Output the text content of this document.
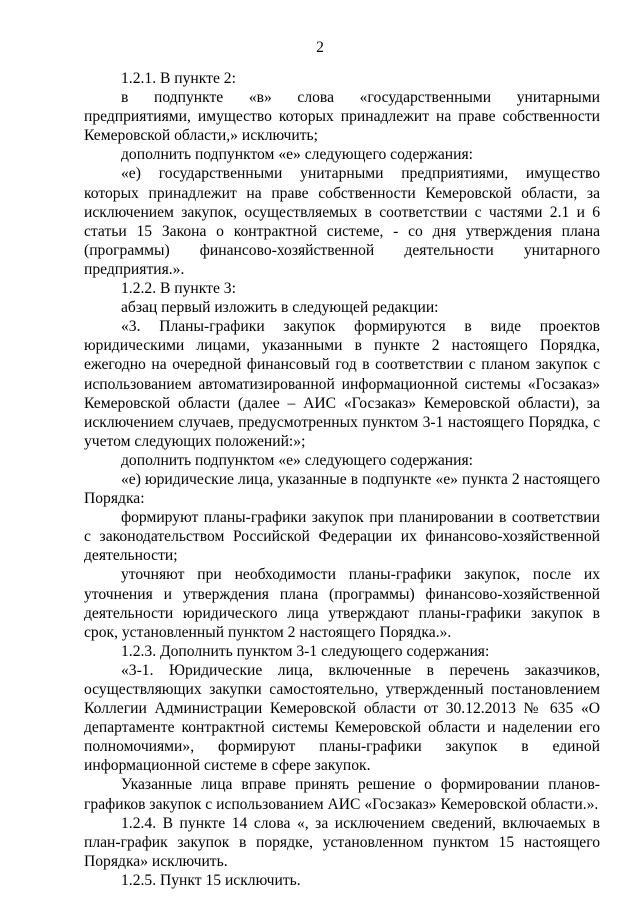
2

1.2.1. В пункте 2:

в подпункте «в» слова «государственными унитарными предприятиями, имущество которых принадлежит на праве собственности Кемеровской области,» исключить;

дополнить подпунктом «е» следующего содержания:

«е) государственными унитарными предприятиями, имущество которых принадлежит на праве собственности Кемеровской области, за исключением закупок, осуществляемых в соответствии с частями 2.1 и 6 статьи 15 Закона о контрактной системе, - со дня утверждения плана (программы) финансово-хозяйственной деятельности унитарного предприятия.».

1.2.2. В пункте 3:

абзац первый изложить в следующей редакции:

«3. Планы-графики закупок формируются в виде проектов юридическими лицами, указанными в пункте 2 настоящего Порядка, ежегодно на очередной финансовый год в соответствии с планом закупок с использованием автоматизированной информационной системы «Госзаказ» Кемеровской области (далее – АИС «Госзаказ» Кемеровской области), за исключением случаев, предусмотренных пунктом 3-1 настоящего Порядка, с учетом следующих положений:»;

дополнить подпунктом «е» следующего содержания:

«е) юридические лица, указанные в подпункте «е» пункта 2 настоящего Порядка:

формируют планы-графики закупок при планировании в соответствии с законодательством Российской Федерации их финансово-хозяйственной деятельности;

уточняют при необходимости планы-графики закупок, после их уточнения и утверждения плана (программы) финансово-хозяйственной деятельности юридического лица утверждают планы-графики закупок в срок, установленный пунктом 2 настоящего Порядка.».

1.2.3. Дополнить пунктом 3-1 следующего содержания:

«3-1. Юридические лица, включенные в перечень заказчиков, осуществляющих закупки самостоятельно, утвержденный постановлением Коллегии Администрации Кемеровской области от 30.12.2013 № 635 «О департаменте контрактной системы Кемеровской области и наделении его полномочиями», формируют планы-графики закупок в единой информационной системе в сфере закупок.

Указанные лица вправе принять решение о формировании планов-графиков закупок с использованием АИС «Госзаказ» Кемеровской области.».

1.2.4. В пункте 14 слова «, за исключением сведений, включаемых в план-график закупок в порядке, установленном пунктом 15 настоящего Порядка» исключить.

1.2.5. Пункт 15 исключить.
